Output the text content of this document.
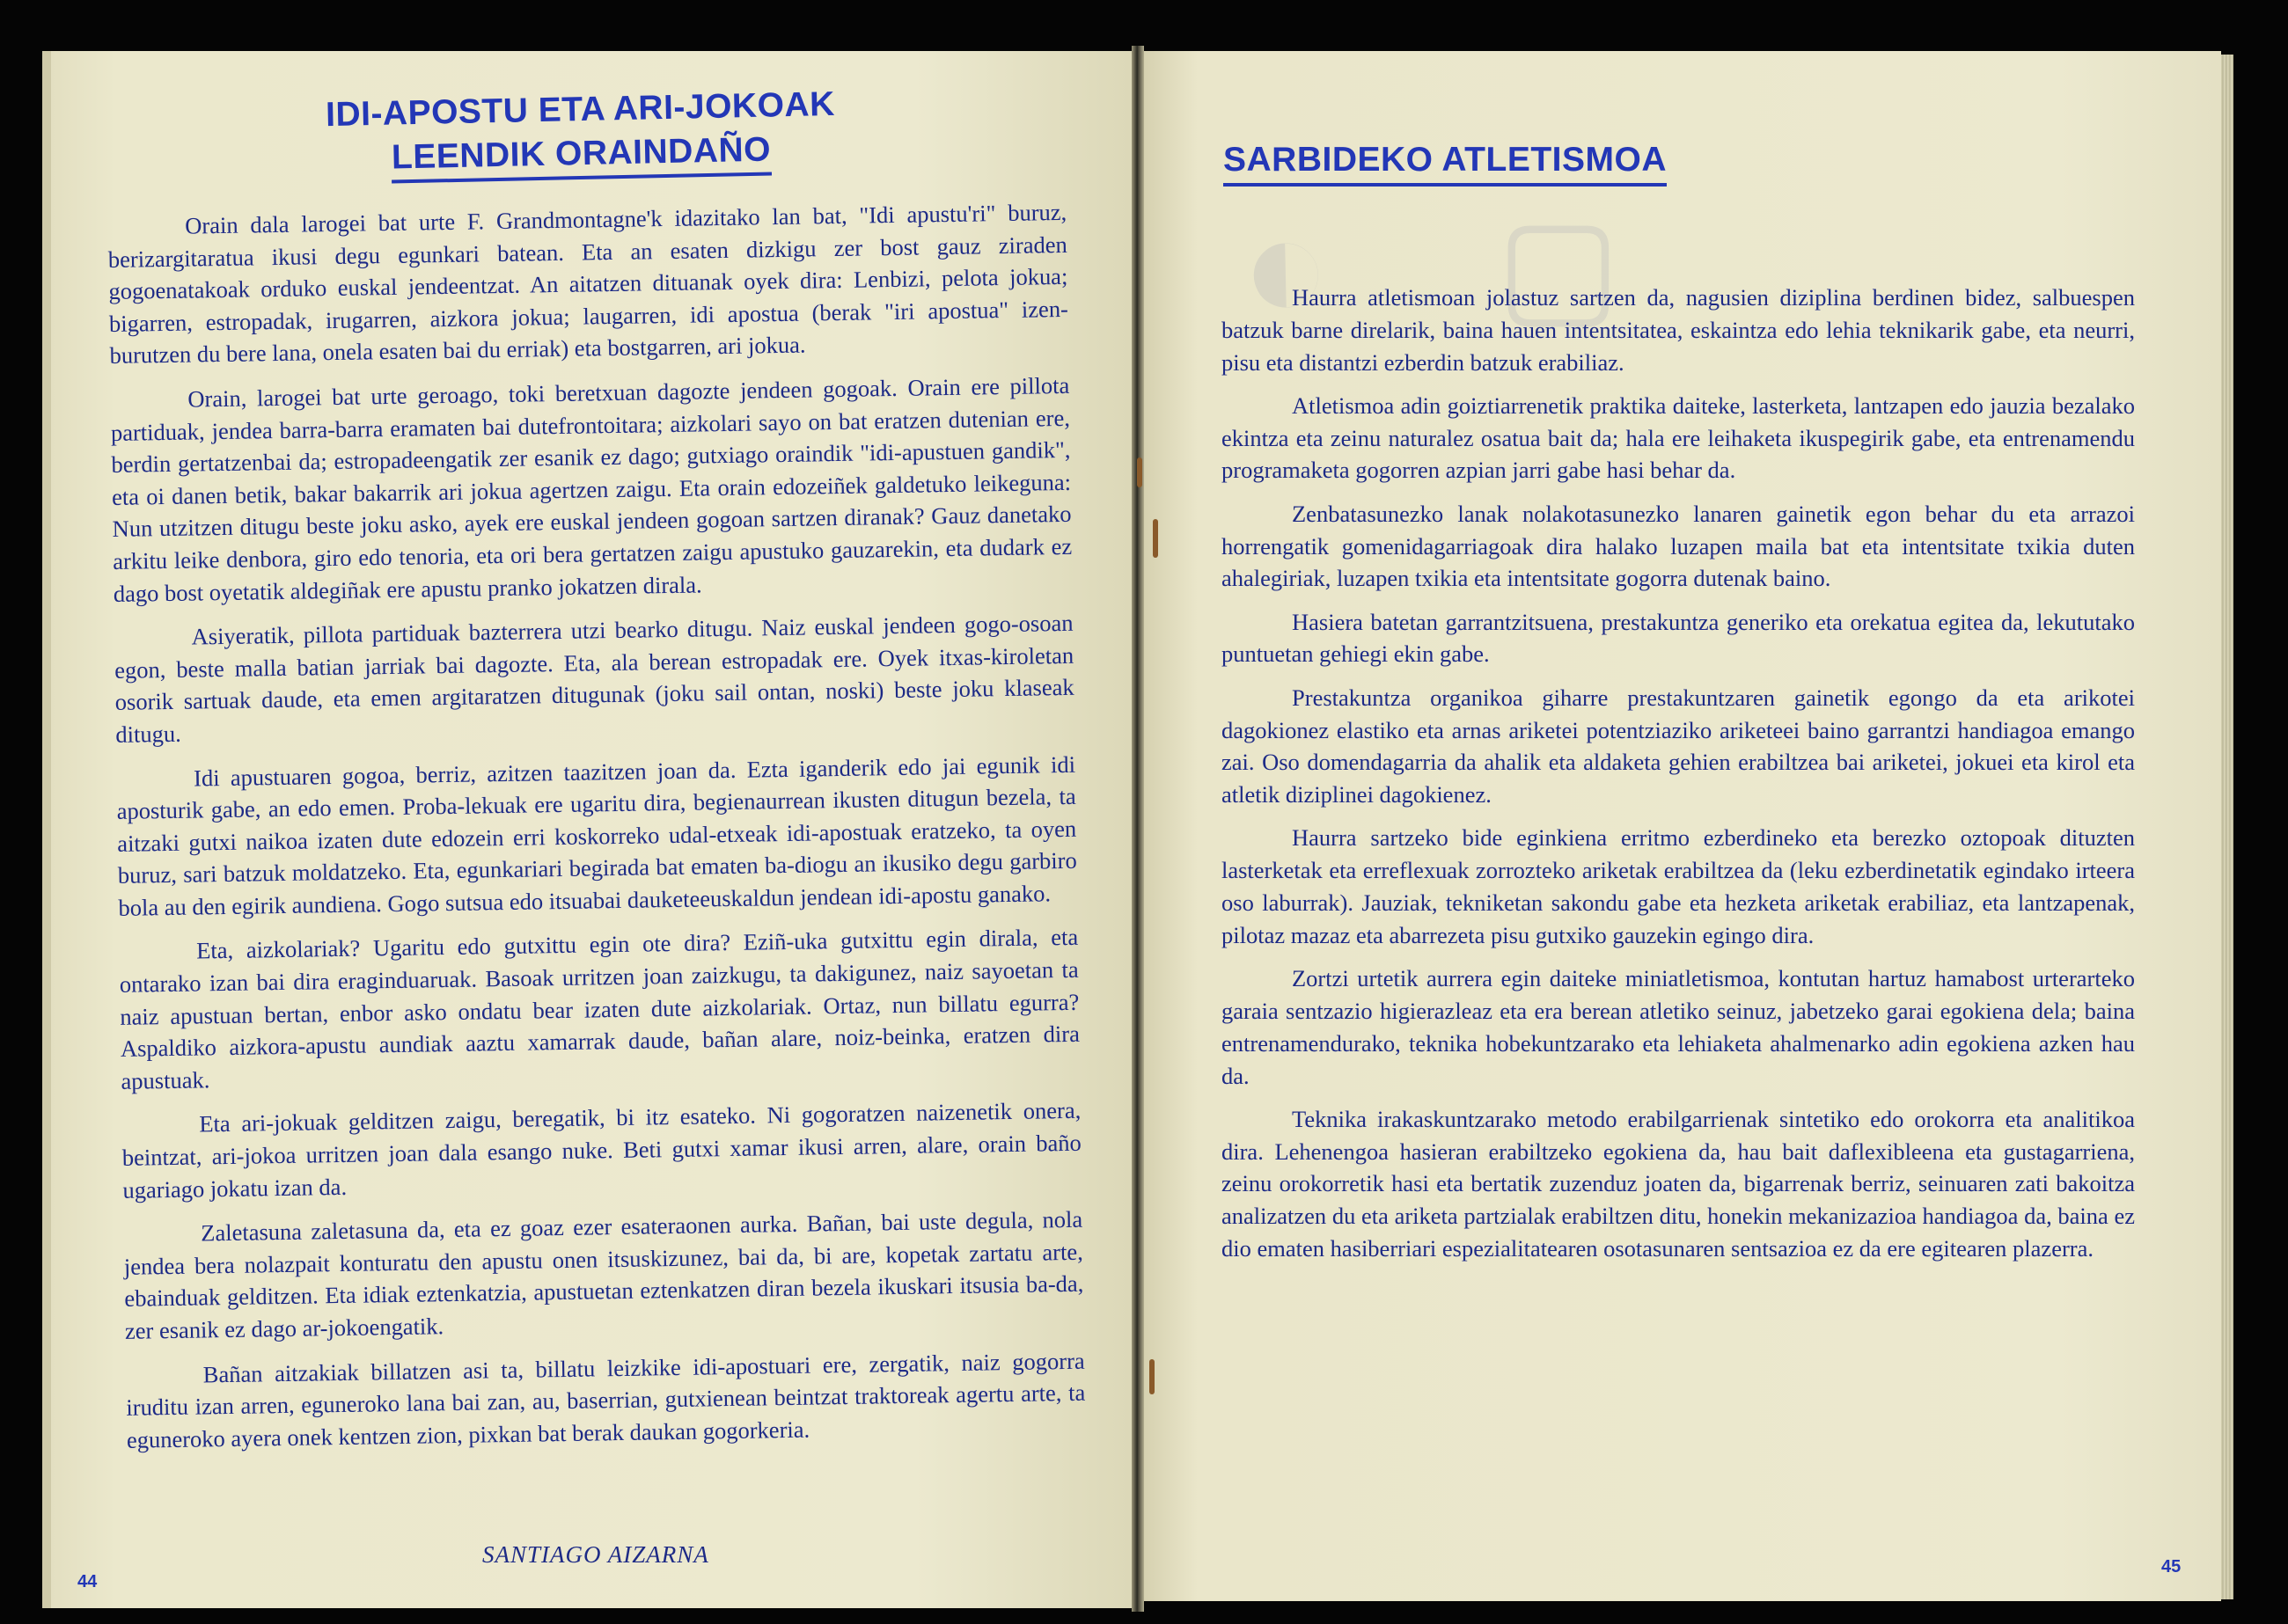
IDI-APOSTU ETA ARI-JOKOAK
LEENDIK ORAINDAÑO

Orain dala larogei bat urte F. Grandmontagne'k idazitako lan bat, "Idi apustu'ri" buruz, berizargitaratua ikusi degu egunkari batean. Eta an esaten dizkigu zer bost gauz ziraden gogoenatakoak orduko euskal jendeentzat. An aitatzen dituanak oyek dira: Lenbizi, pelota jokua; bigarren, estropadak, irugarren, aizkora jokua; laugarren, idi apostua (berak "iri apostua" izen-burutzen du bere lana, onela esaten bai du erriak) eta bostgarren, ari jokua.

Orain, larogei bat urte geroago, toki beretxuan dagozte jendeen gogoak. Orain ere pillota partiduak, jendea barra-barra eramaten bai dutefrontoitara; aizkolari sayo on bat eratzen dutenian ere, berdin gertatzenbai da; estropadeengatik zer esanik ez dago; gutxiago oraindik "idi-apustuen gandik", eta oi danen betik, bakar bakarrik ari jokua agertzen zaigu. Eta orain edozeiñek galdetuko leikeguna: Nun utzitzen ditugu beste joku asko, ayek ere euskal jendeen gogoan sartzen diranak? Gauz danetako arkitu leike denbora, giro edo tenoria, eta ori bera gertatzen zaigu apustuko gauzarekin, eta dudark ez dago bost oyetatik aldegiñak ere apustu pranko jokatzen dirala.

Asiyeratik, pillota partiduak bazterrera utzi bearko ditugu. Naiz euskal jendeen gogo-osoan egon, beste malla batian jarriak bai dagozte. Eta, ala berean estropadak ere. Oyek itxas-kiroletan osorik sartuak daude, eta emen argitaratzen ditugunak (joku sail ontan, noski) beste joku klaseak ditugu.

Idi apustuaren gogoa, berriz, azitzen taazitzen joan da. Ezta iganderik edo jai egunik idi aposturik gabe, an edo emen. Proba-lekuak ere ugaritu dira, begienaurrean ikusten ditugun bezela, ta aitzaki gutxi naikoa izaten dute edozein erri koskorreko udal-etxeak idi-apostuak eratzeko, ta oyen buruz, sari batzuk moldatzeko. Eta, egunkariari begirada bat ematen ba-diogu an ikusiko degu garbiro bola au den egirik aundiena. Gogo sutsua edo itsuabai dauketeeuskaldun jendean idi-apostu ganako.

Eta, aizkolariak? Ugaritu edo gutxittu egin ote dira? Eziñ-uka gutxittu egin dirala, eta ontarako izan bai dira eraginduaruak. Basoak urritzen joan zaizkugu, ta dakigunez, naiz sayoetan ta naiz apustuan bertan, enbor asko ondatu bear izaten dute aizkolariak. Ortaz, nun billatu egurra? Aspaldiko aizkora-apustu aundiak aaztu xamarrak daude, bañan alare, noiz-beinka, eratzen dira apustuak.

Eta ari-jokuak gelditzen zaigu, beregatik, bi itz esateko. Ni gogoratzen naizenetik onera, beintzat, ari-jokoa urritzen joan dala esango nuke. Beti gutxi xamar ikusi arren, alare, orain baño ugariago jokatu izan da.

Zaletasuna zaletasuna da, eta ez goaz ezer esateraonen aurka. Bañan, bai uste degula, nola jendea bera nolazpait konturatu den apustu onen itsuskizunez, bai da, bi are, kopetak zartatu arte, ebainduak gelditzen. Eta idiak eztenkatzia, apustuetan eztenkatzen diran bezela ikuskari itsusia ba-da, zer esanik ez dago ar-jokoengatik.

Bañan aitzakiak billatzen asi ta, billatu leizkike idi-apostuari ere, zergatik, naiz gogorra iruditu izan arren, eguneroko lana bai zan, au, baserrian, gutxienean beintzat traktoreak agertu arte, ta eguneroko ayera onek kentzen zion, pixkan bat berak daukan gogorkeria.

SANTIAGO AIZARNA
44
SARBIDEKO ATLETISMOA

Haurra atletismoan jolastuz sartzen da, nagusien diziplina berdinen bidez, salbuespen batzuk barne direlarik, baina hauen intentsitatea, eskaintza edo lehia teknikarik gabe, eta neurri, pisu eta distantzi ezberdin batzuk erabiliaz.

Atletismoa adin goiztiarrenetik praktika daiteke, lasterketa, lantzapen edo jauzia bezalako ekintza eta zeinu naturalez osatua bait da; hala ere leihaketa ikuspegirik gabe, eta entrenamendu programaketa gogorren azpian jarri gabe hasi behar da.

Zenbatasunezko lanak nolakotasunezko lanaren gainetik egon behar du eta arrazoi horrengatik gomenidagarriagoak dira halako luzapen maila bat eta intentsitate txikia duten ahalegiriak, luzapen txikia eta intentsitate gogorra dutenak baino.

Hasiera batetan garrantzitsuena, prestakuntza generiko eta orekatua egitea da, lekututako puntuetan gehiegi ekin gabe.

Prestakuntza organikoa giharre prestakuntzaren gainetik egongo da eta arikotei dagokionez elastiko eta arnas ariketei potentziaziko ariketeei baino garrantzi handiagoa emango zai. Oso domendagarria da ahalik eta aldaketa gehien erabiltzea bai ariketei, jokuei eta kirol eta atletik diziplinei dagokienez.

Haurra sartzeko bide eginkiena erritmo ezberdineko eta berezko oztopoak dituzten lasterketak eta erreflexuak zorrozteko ariketak erabiltzea da (leku ezberdinetatik egindako irteera oso laburrak). Jauziak, tekniketan sakondu gabe eta hezketa ariketak erabiliaz, eta lantzapenak, pilotaz mazaz eta abarrezeta pisu gutxiko gauzekin egingo dira.

Zortzi urtetik aurrera egin daiteke miniatletismoa, kontutan hartuz hamabost urterarteko garaia sentzazio higierazleaz eta era berean atletiko seinuz, jabetzeko garai egokiena dela; baina entrenamendurako, teknika hobekuntzarako eta lehiaketa ahalmenarko adin egokiena azken hau da.

Teknika irakaskuntzarako metodo erabilgarrienak sintetiko edo orokorra eta analitikoa dira. Lehenengoa hasieran erabiltzeko egokiena da, hau bait daflexibleena eta gustagarriena, zeinu orokorretik hasi eta bertatik zuzenduz joaten da, bigarrenak berriz, seinuaren zati bakoitza analizatzen du eta ariketa partzialak erabiltzen ditu, honekin mekanizazioa handiagoa da, baina ez dio ematen hasiberriari espezialitatearen osotasunaren sentsazioa ez da ere egitearen plazerra.

45
